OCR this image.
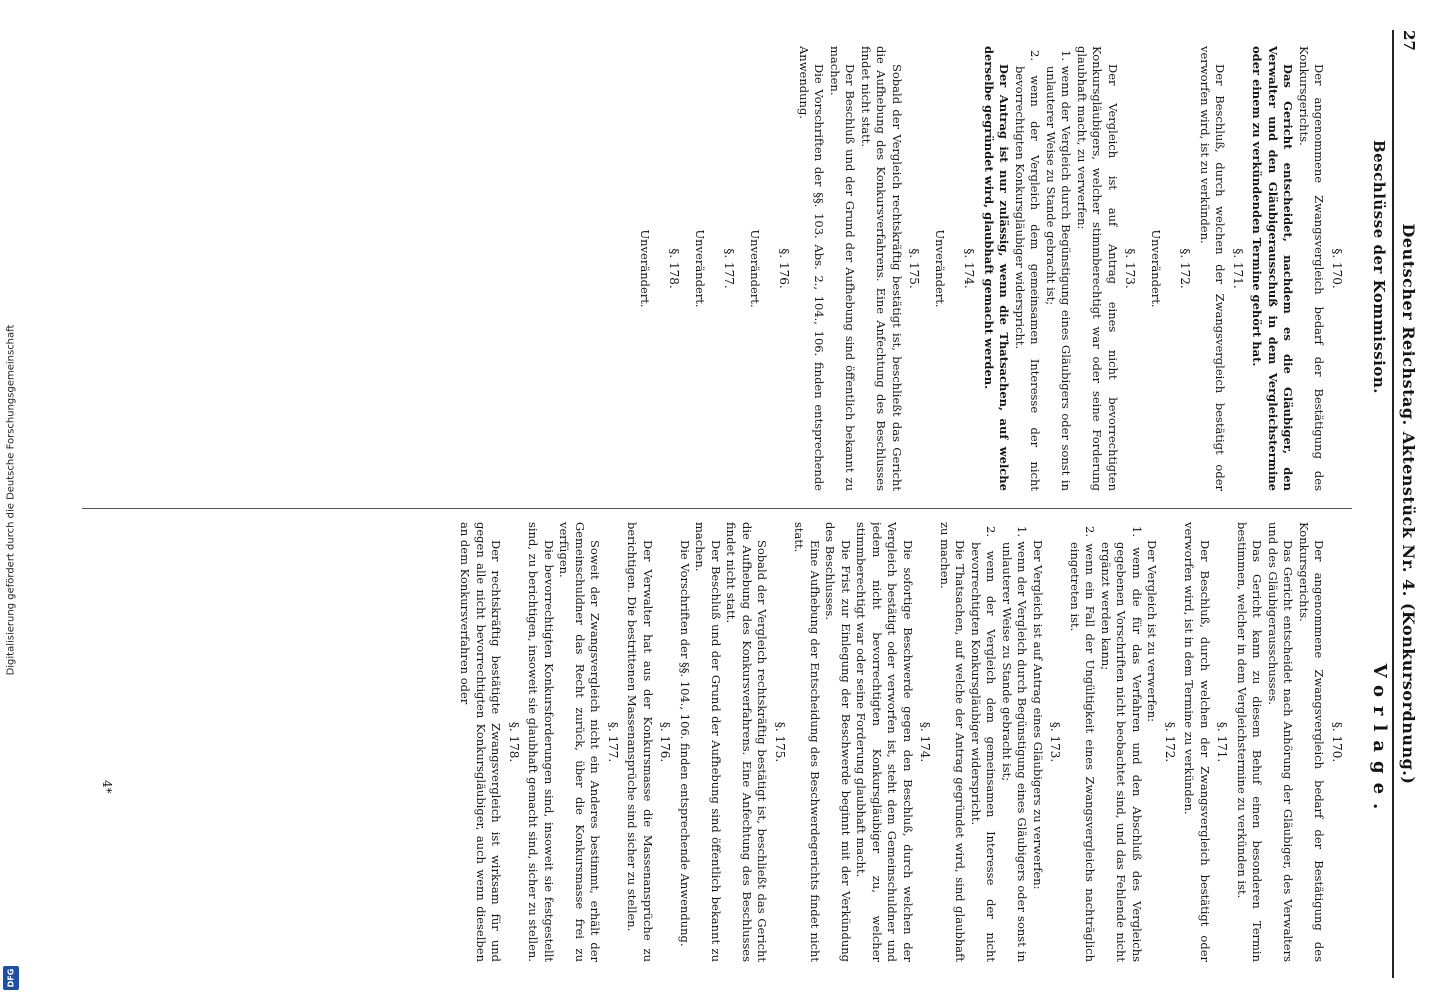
27
Deutscher Reichstag. Aktenstück Nr. 4. (Konkursordnung.)
Beschlüsse der Kommission.
Vorlage.

§. 170.

Der angenommene Zwangsvergleich bedarf der Bestätigung des Konkursgerichts.

Das Gericht entscheidet nach Anhörung der Gläubiger, des Verwalters und des Gläubigerausschusses.

Das Gericht kann zu diesem Behuf einen besonderen Termin bestimmen, welcher in dem Vergleichstermine zu verkünden ist.

§. 171.

Der Beschluß, durch welchen der Zwangsvergleich bestätigt oder verworfen wird, ist in dem Termine zu verkünden.

§. 172.

Der Vergleich ist zu verwerfen:

1. wenn die für das Verfahren und den Abschluß des Vergleichs gegebenen Vorschriften nicht beobachtet sind, und das Fehlende nicht ergänzt werden kann;

2. wenn ein Fall der Ungültigkeit eines Zwangsvergleichs nachträglich eingetreten ist.

§. 173.

Der Vergleich ist auf Antrag eines Gläubigers zu verwerfen:

1. wenn der Vergleich durch Begünstigung eines Gläubigers oder sonst in unlauterer Weise zu Stande gebracht ist;

2. wenn der Vergleich dem gemeinsamen Interesse der nicht bevorrechtigten Konkursgläubiger widerspricht.

Die Thatsachen, auf welche der Antrag gegründet wird, sind glaubhaft zu machen.

§. 174.

Die sofortige Beschwerde gegen den Beschluß, durch welchen der Vergleich bestätigt oder verworfen ist, steht dem Gemeinschuldner und jedem nicht bevorrechtigten Konkursgläubiger zu, welcher stimmberechtigt war oder seine Forderung glaubhaft macht.

Die Frist zur Einlegung der Beschwerde beginnt mit der Verkündung des Beschlusses.

Eine Aufhebung der Entscheidung des Beschwerdegerichts findet nicht statt.

§. 175.

Sobald der Vergleich rechtskräftig bestätigt ist, beschließt das Gericht die Aufhebung des Konkursverfahrens. Eine Anfechtung des Beschlusses findet nicht statt.

Der Beschluß und der Grund der Aufhebung sind öffentlich bekannt zu machen.

Die Vorschriften der §§. 104., 106. finden entsprechende Anwendung.

§. 176.

Der Verwalter hat aus der Konkursmasse die Massenansprüche zu berichtigen. Die bestrittenen Massenansprüche sind sicher zu stellen.

§. 177.

Soweit der Zwangsvergleich nicht ein Anderes bestimmt, erhält der Gemeinschuldner das Recht zurück, über die Konkursmasse frei zu verfügen.

Die bevorrechtigten Konkursforderungen sind, insoweit sie festgestellt sind, zu berichtigen, insoweit sie glaubhaft gemacht sind, sicher zu stellen.

§. 178.

Der rechtskräftig bestätigte Zwangsvergleich ist wirksam für und gegen alle nicht bevorrechtigten Konkursgläubiger, auch wenn dieselben an dem Konkursverfahren oder

§. 170.

Der angenommene Zwangsvergleich bedarf der Bestätigung des Konkursgerichts.

Das Gericht entscheidet, nachdem es die Gläubiger, den Verwalter und den Gläubigerausschuß in dem Vergleichstermine oder einem zu verkündenden Termine gehört hat.

§. 171.

Der Beschluß, durch welchen der Zwangsvergleich bestätigt oder verworfen wird, ist zu verkünden.

§. 172.

Unverändert.

§. 173.

Der Vergleich ist auf Antrag eines nicht bevorrechtigten Konkursgläubigers, welcher stimmberechtigt war oder seine Forderung glaubhaft macht, zu verwerfen:

1. wenn der Vergleich durch Begünstigung eines Gläubigers oder sonst in unlauterer Weise zu Stande gebracht ist;

2. wenn der Vergleich dem gemeinsamen Interesse der nicht bevorrechtigten Konkursgläubiger widerspricht.

Der Antrag ist nur zulässig, wenn die Thatsachen, auf welche derselbe gegründet wird, glaubhaft gemacht werden.

§. 174.

Unverändert.

§. 175.

Sobald der Vergleich rechtskräftig bestätigt ist, beschließt das Gericht die Aufhebung des Konkursverfahrens. Eine Anfechtung des Beschlusses findet nicht statt.

Der Beschluß und der Grund der Aufhebung sind öffentlich bekannt zu machen.

Die Vorschriften der §§. 103. Abs. 2., 104., 106. finden entsprechende Anwendung.

§. 176.

Unverändert.

§. 177.

Unverändert.

§. 178.

Unverändert.

4*
Digitalisierung gefördert durch die Deutsche Forschungsgemeinschaft
DFG
